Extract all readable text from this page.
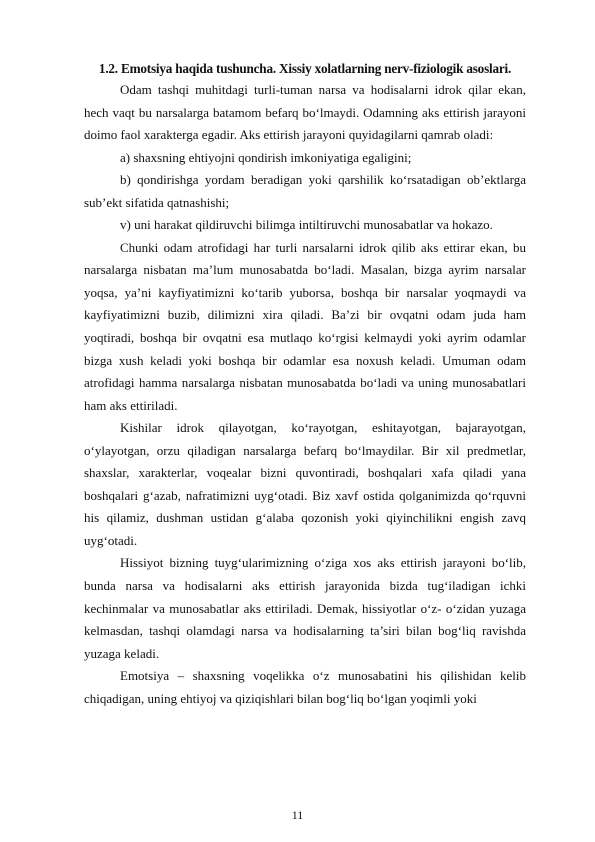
1.2. Emotsiya haqida tushuncha. Xissiy xolatlarning nerv-fiziologik asoslari.

Odam tashqi muhitdagi turli-tuman narsa va hodisalarni idrok qilar ekan, hech vaqt bu narsalarga batamom befarq bo‘lmaydi. Odamning aks ettirish jarayoni doimo faol xarakterga egadir. Aks ettirish jarayoni quyidagilarni qamrab oladi:

a) shaxsning ehtiyojni qondirish imkoniyatiga egaligini;

b) qondirishga yordam beradigan yoki qarshilik ko‘rsatadigan ob’ektlarga sub’ekt sifatida qatnashishi;

v) uni harakat qildiruvchi bilimga intiltiruvchi munosabatlar va hokazo.

Chunki odam atrofidagi har turli narsalarni idrok qilib aks ettirar ekan, bu narsalarga nisbatan ma’lum munosabatda bo‘ladi. Masalan, bizga ayrim narsalar yoqsa, ya’ni kayfiyatimizni ko‘tarib yuborsa, boshqa bir narsalar yoqmaydi va kayfiyatimizni buzib, dilimizni xira qiladi. Ba’zi bir ovqatni odam juda ham yoqtiradi, boshqa bir ovqatni esa mutlaqo ko‘rgisi kelmaydi yoki ayrim odamlar bizga xush keladi yoki boshqa bir odamlar esa noxush keladi. Umuman odam atrofidagi hamma narsalarga nisbatan munosabatda bo‘ladi va uning munosabatlari ham aks ettiriladi.

Kishilar idrok qilayotgan, ko‘rayotgan, eshitayotgan, bajarayotgan, o‘ylayotgan, orzu qiladigan narsalarga befarq bo‘lmaydilar. Bir xil predmetlar, shaxslar, xarakterlar, voqealar bizni quvontiradi, boshqalari xafa qiladi yana boshqalari g‘azab, nafratimizni uyg‘otadi. Biz xavf ostida qolganimizda qo‘rquvni his qilamiz, dushman ustidan g‘alaba qozonish yoki qiyinchilikni engish zavq uyg‘otadi.

Hissiyot bizning tuyg‘ularimizning o‘ziga xos aks ettirish jarayoni bo‘lib, bunda narsa va hodisalarni aks ettirish jarayonida bizda tug‘iladigan ichki kechinmalar va munosabatlar aks ettiriladi. Demak, hissiyotlar o‘z- o‘zidan yuzaga kelmasdan, tashqi olamdagi narsa va hodisalarning ta’siri bilan bog‘liq ravishda yuzaga keladi.

Emotsiya – shaxsning voqelikka o‘z munosabatini his qilishidan kelib chiqadigan, uning ehtiyoj va qiziqishlari bilan bog‘liq bo‘lgan yoqimli yoki

11
